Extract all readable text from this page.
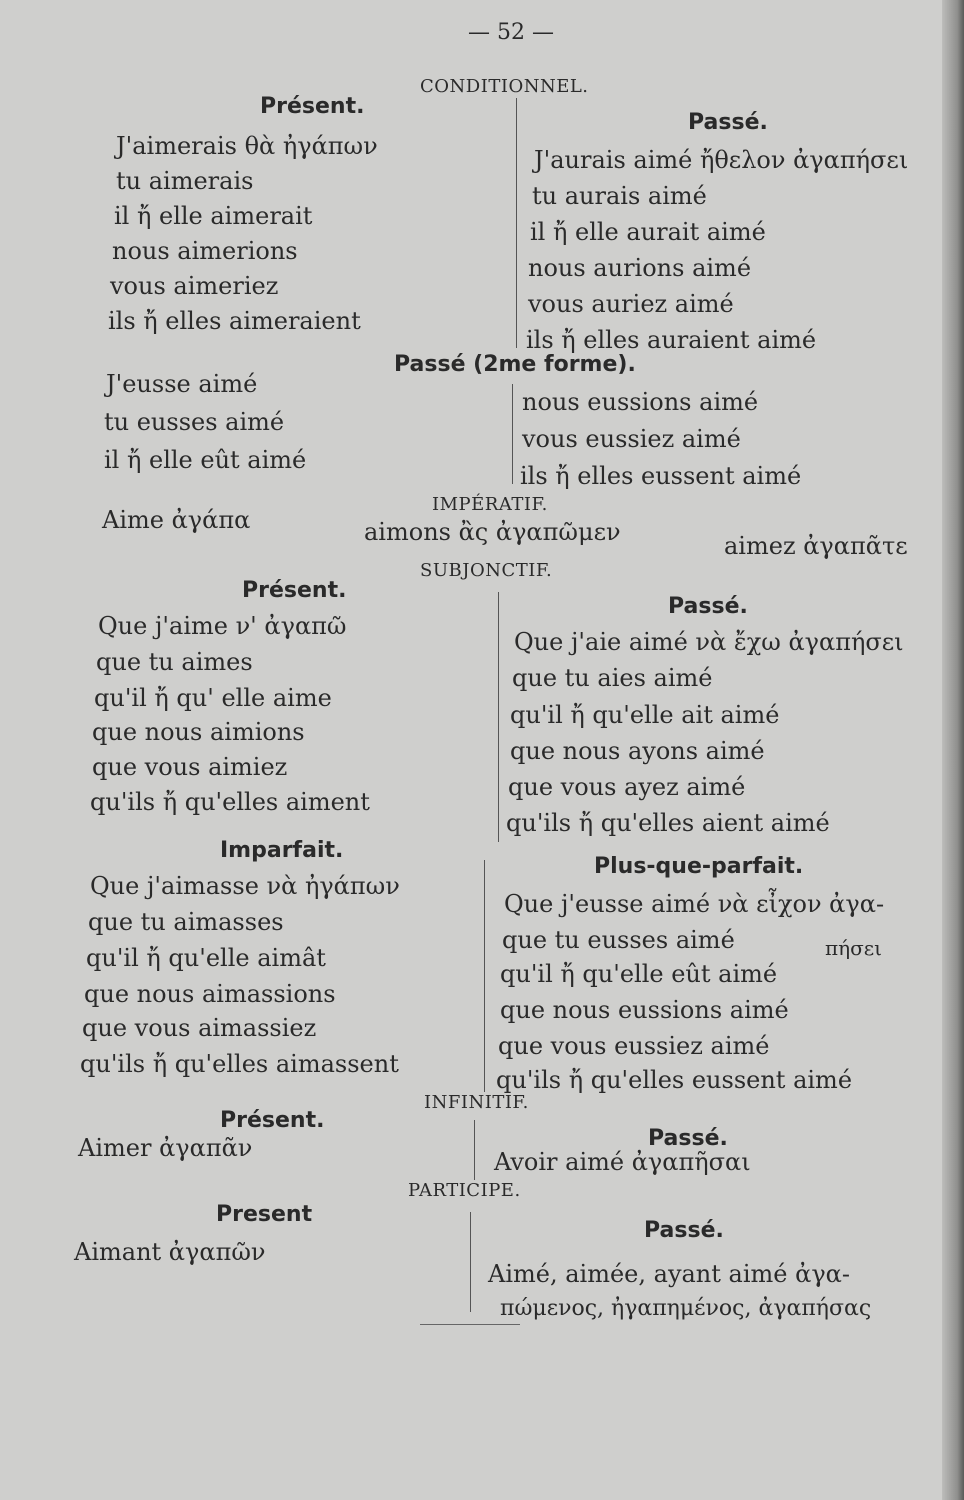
— 52 —
CONDITIONNEL.
Présent.
Passé.
J'aimerais θὰ ἠγάπων
tu aimerais
il ἤ elle aimerait
nous aimerions
vous aimeriez
ils ἤ elles aimeraient
J'aurais aimé ἤθελον ἀγαπήσει
tu aurais aimé
il ἤ elle aurait aimé
nous aurions aimé
vous auriez aimé
ils ἤ elles auraient aimé
Passé (2me forme).
J'eusse aimé
tu eusses aimé
il ἤ elle eût aimé
nous eussions aimé
vous eussiez aimé
ils ἤ elles eussent aimé
IMPÉRATIF.
Aime ἀγάπα	aimons ἂς ἀγαπῶμεν	aimez ἀγαπᾶτε
SUBJONCTIF.
Présent.
Passé.
Que j'aime ν' ἀγαπῶ
que tu aimes
qu'il ἤ qu' elle aime
que nous aimions
que vous aimiez
qu'ils ἤ qu'elles aiment
Que j'aie aimé νὰ ἔχω ἀγαπήσει
que tu aies aimé
qu'il ἤ qu'elle ait aimé
que nous ayons aimé
que vous ayez aimé
qu'ils ἤ qu'elles aient aimé
Imparfait.
Plus-que-parfait.
Que j'aimasse νὰ ἠγάπων
que tu aimasses
qu'il ἤ qu'elle aimât
que nous aimassions
que vous aimassiez
qu'ils ἤ qu'elles aimassent
Que j'eusse aimé νὰ εἶχον ἀγα-
que tu eusses aimé	πήσει
qu'il ἤ qu'elle eût aimé
que nous eussions aimé
que vous eussiez aimé
qu'ils ἤ qu'elles eussent aimé
INFINITIF.
Présent.
Passé.
Aimer ἀγαπᾶν	Avoir aimé ἀγαπῆσαι
PARTICIPE.
Present
Passé.
Aimant ἀγαπῶν
Aimé, aimée, ayant aimé ἀγα-
πώμενος, ἠγαπημένος, ἀγαπήσας
